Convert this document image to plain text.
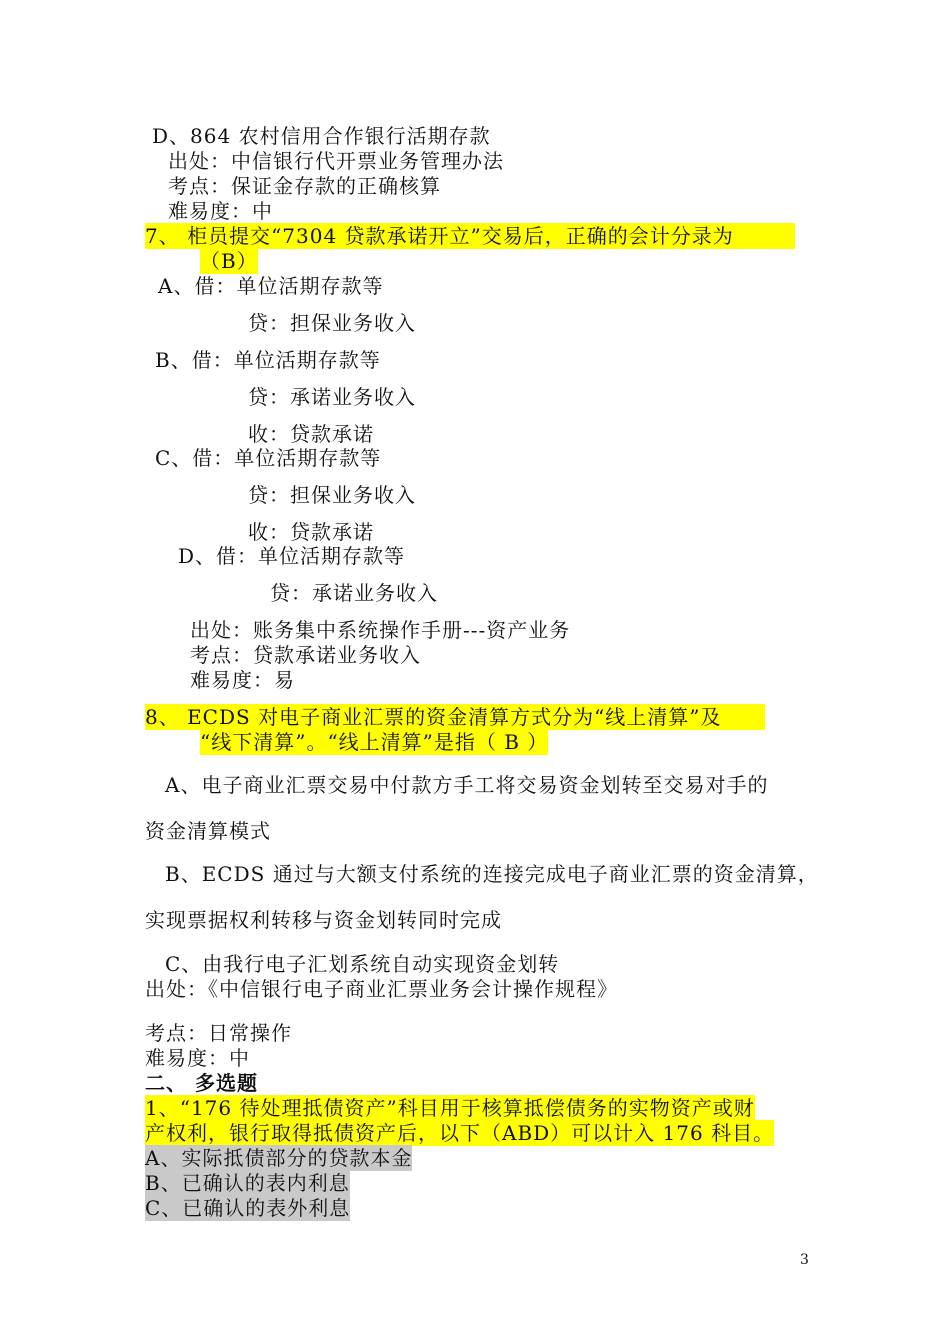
D、864 农村信用合作银行活期存款
出处：中信银行代开票业务管理办法
考点：保证金存款的正确核算
难易度：中
7、 柜员提交“7304 贷款承诺开立”交易后，正确的会计分录为
（B）
A、借：单位活期存款等
贷：担保业务收入
B、借：单位活期存款等
贷：承诺业务收入
收：贷款承诺
C、借：单位活期存款等
贷：担保业务收入
收：贷款承诺
D、借：单位活期存款等
贷：承诺业务收入
出处：账务集中系统操作手册---资产业务
考点：贷款承诺业务收入
难易度：易
8、 ECDS 对电子商业汇票的资金清算方式分为“线上清算”及
“线下清算”。“线上清算”是指（ B ）
A、电子商业汇票交易中付款方手工将交易资金划转至交易对手的
资金清算模式
B、ECDS 通过与大额支付系统的连接完成电子商业汇票的资金清算，
实现票据权利转移与资金划转同时完成
C、由我行电子汇划系统自动实现资金划转
出处：《中信银行电子商业汇票业务会计操作规程》
考点：日常操作
难易度：中
二、 多选题
1、“176 待处理抵债资产”科目用于核算抵偿债务的实物资产或财
产权利，银行取得抵债资产后，以下（ABD）可以计入 176 科目。
A、实际抵债部分的贷款本金
B、已确认的表内利息
C、已确认的表外利息
3
